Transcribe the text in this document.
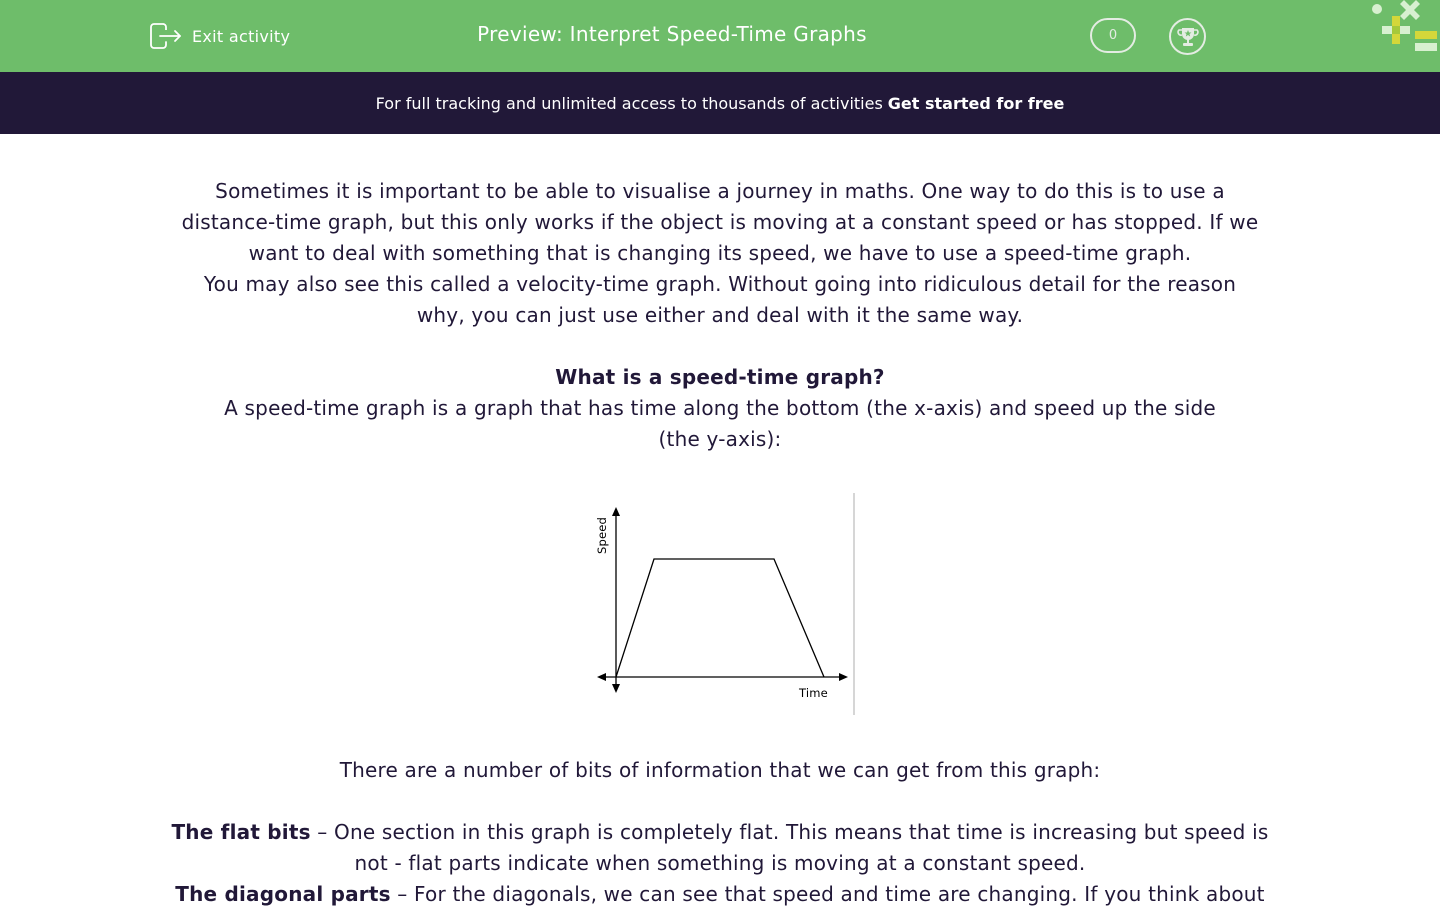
Exit activity	Preview: Interpret Speed-Time Graphs	0
For full tracking and unlimited access to thousands of activities Get started for free

Sometimes it is important to be able to visualise a journey in maths. One way to do this is to use a

distance-time graph, but this only works if the object is moving at a constant speed or has stopped. If we

want to deal with something that is changing its speed, we have to use a speed-time graph.

You may also see this called a velocity-time graph. Without going into ridiculous detail for the reason

why, you can just use either and deal with it the same way.

What is a speed-time graph?

A speed-time graph is a graph that has time along the bottom (the x-axis) and speed up the side

(the y-axis):

Speed
Time

There are a number of bits of information that we can get from this graph:

The flat bits – One section in this graph is completely flat. This means that time is increasing but speed is

not - flat parts indicate when something is moving at a constant speed.

The diagonal parts – For the diagonals, we can see that speed and time are changing. If you think about
